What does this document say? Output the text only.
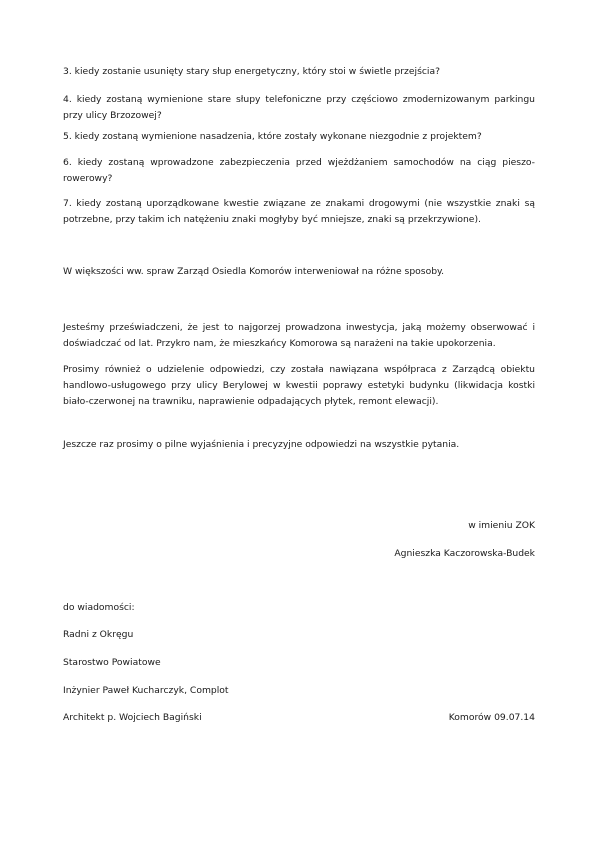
3. kiedy zostanie usunięty stary słup energetyczny, który stoi w świetle przejścia?

4. kiedy zostaną wymienione stare słupy telefoniczne przy częściowo zmodernizowanym parkingu przy ulicy Brzozowej?

5. kiedy zostaną wymienione nasadzenia, które zostały wykonane niezgodnie z projektem?

6. kiedy zostaną wprowadzone zabezpieczenia przed wjeżdżaniem samochodów na ciąg pieszo-rowerowy?

7. kiedy zostaną uporządkowane kwestie związane ze znakami drogowymi (nie wszystkie znaki są potrzebne, przy takim ich natężeniu znaki mogłyby być mniejsze, znaki są przekrzywione).

W większości ww. spraw Zarząd Osiedla Komorów interweniował na różne sposoby.

Jesteśmy przeświadczeni, że jest to najgorzej prowadzona inwestycja, jaką możemy obserwować i doświadczać od lat. Przykro nam, że mieszkańcy Komorowa są narażeni na takie upokorzenia.

Prosimy również o udzielenie odpowiedzi, czy została nawiązana współpraca z Zarządcą obiektu handlowo-usługowego przy ulicy Berylowej w kwestii poprawy estetyki budynku (likwidacja kostki biało-czerwonej na trawniku, naprawienie odpadających płytek, remont elewacji).

Jeszcze raz prosimy o pilne wyjaśnienia i precyzyjne odpowiedzi na wszystkie pytania.

w imieniu ZOK

Agnieszka Kaczorowska-Budek

do wiadomości:

Radni z Okręgu

Starostwo Powiatowe

Inżynier Paweł Kucharczyk, Complot

Architekt p. Wojciech Bagiński	Komorów 09.07.14
